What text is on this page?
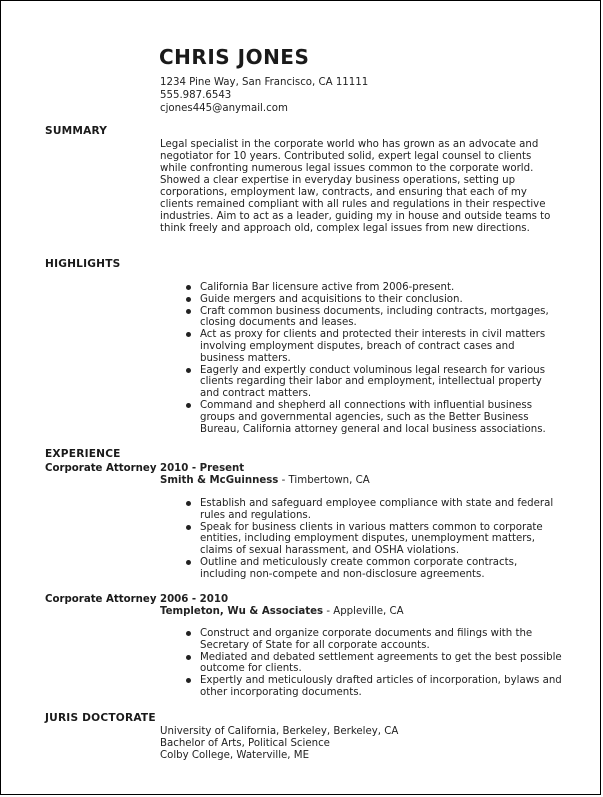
CHRIS JONES
1234 Pine Way, San Francisco, CA 11111
555.987.6543
cjones445@anymail.com
SUMMARY

Legal specialist in the corporate world who has grown as an advocate and negotiator for 10 years. Contributed solid, expert legal counsel to clients while confronting numerous legal issues common to the corporate world. Showed a clear expertise in everyday business operations, setting up corporations, employment law, contracts, and ensuring that each of my clients remained compliant with all rules and regulations in their respective industries. Aim to act as a leader, guiding my in house and outside teams to think freely and approach old, complex legal issues from new directions.

HIGHLIGHTS
California Bar licensure active from 2006-present.
Guide mergers and acquisitions to their conclusion.
Craft common business documents, including contracts, mortgages, closing documents and leases.
Act as proxy for clients and protected their interests in civil matters involving employment disputes, breach of contract cases and business matters.
Eagerly and expertly conduct voluminous legal research for various clients regarding their labor and employment, intellectual property and contract matters.
Command and shepherd all connections with influential business groups and governmental agencies, such as the Better Business Bureau, California attorney general and local business associations.
EXPERIENCE
Corporate Attorney 2010 - Present
Smith & McGuinness - Timbertown, CA
Establish and safeguard employee compliance with state and federal rules and regulations.
Speak for business clients in various matters common to corporate entities, including employment disputes, unemployment matters, claims of sexual harassment, and OSHA violations.
Outline and meticulously create common corporate contracts, including non-compete and non-disclosure agreements.
Corporate Attorney 2006 - 2010
Templeton, Wu & Associates - Appleville, CA
Construct and organize corporate documents and filings with the Secretary of State for all corporate accounts.
Mediated and debated settlement agreements to get the best possible outcome for clients.
Expertly and meticulously drafted articles of incorporation, bylaws and other incorporating documents.
JURIS DOCTORATE
University of California, Berkeley, Berkeley, CA
Bachelor of Arts, Political Science
Colby College, Waterville, ME
